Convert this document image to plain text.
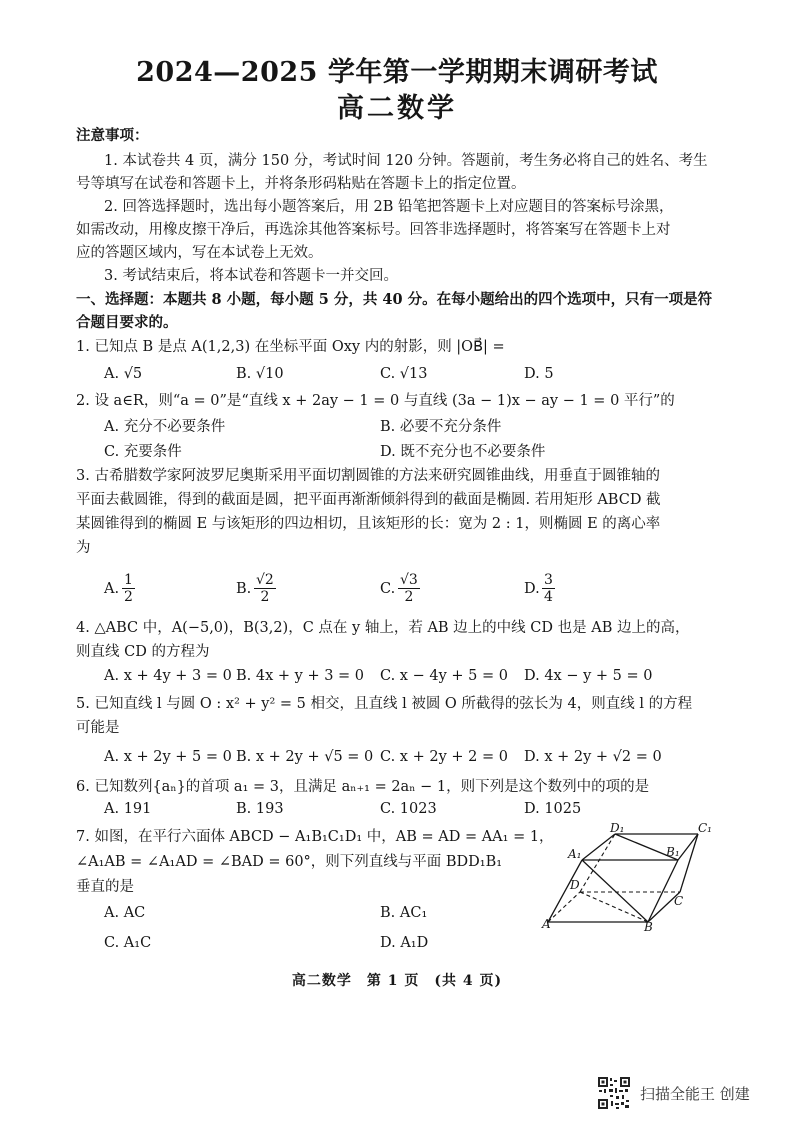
2024—2025 学年第一学期期末调研考试
高二数学
注意事项：
1. 本试卷共 4 页，满分 150 分，考试时间 120 分钟。答题前，考生务必将自己的姓名、考生
号等填写在试卷和答题卡上，并将条形码粘贴在答题卡上的指定位置。
2. 回答选择题时，选出每小题答案后，用 2B 铅笔把答题卡上对应题目的答案标号涂黑，
如需改动，用橡皮擦干净后，再选涂其他答案标号。回答非选择题时，将答案写在答题卡上对
应的答题区域内，写在本试卷上无效。
3. 考试结束后，将本试卷和答题卡一并交回。
一、选择题：本题共 8 小题，每小题 5 分，共 40 分。在每小题给出的四个选项中，只有一项是符
合题目要求的。
1. 已知点 B 是点 A(1,2,3) 在坐标平面 Oxy 内的射影，则 |OB⃗| =
A. √5	B. √10	C. √13	D. 5
2. 设 a∈R，则“a = 0”是“直线 x + 2ay − 1 = 0 与直线 (3a − 1)x − ay − 1 = 0 平行”的
A. 充分不必要条件	B. 必要不充分条件
C. 充要条件	D. 既不充分也不必要条件
3. 古希腊数学家阿波罗尼奥斯采用平面切割圆锥的方法来研究圆锥曲线，用垂直于圆锥轴的
平面去截圆锥，得到的截面是圆，把平面再渐渐倾斜得到的截面是椭圆. 若用矩形 ABCD 截
某圆锥得到的椭圆 E 与该矩形的四边相切，且该矩形的长：宽为 2 : 1，则椭圆 E 的离心率
为
A. $\frac{1}{2}$	B. $\frac{√2}{2}$	C. $\frac{√3}{2}$	D. $\frac{3}{4}$
4. △ABC 中，A(−5,0)，B(3,2)，C 点在 y 轴上，若 AB 边上的中线 CD 也是 AB 边上的高，
则直线 CD 的方程为
A. x + 4y + 3 = 0 B. 4x + y + 3 = 0 C. x − 4y + 5 = 0 D. 4x − y + 5 = 0
5. 已知直线 l 与圆 O : x² + y² = 5 相交，且直线 l 被圆 O 所截得的弦长为 4，则直线 l 的方程
可能是
A. x + 2y + 5 = 0 B. x + 2y + √5 = 0 C. x + 2y + 2 = 0 D. x + 2y + √2 = 0
6. 已知数列{aₙ}的首项 a₁ = 3，且满足 aₙ₊₁ = 2aₙ − 1，则下列是这个数列中的项的是
A. 191	B. 193	C. 1023	D. 1025
7. 如图，在平行六面体 ABCD − A₁B₁C₁D₁ 中，AB = AD = AA₁ = 1，
∠A₁AB = ∠A₁AD = ∠BAD = 60°，则下列直线与平面 BDD₁B₁
垂直的是
A. AC	B. AC₁
C. A₁C	D. A₁D
D₁	C₁
A₁	B₁
D
C
A	B
高二数学　第 1 页　(共 4 页)
扫描全能王 创建
